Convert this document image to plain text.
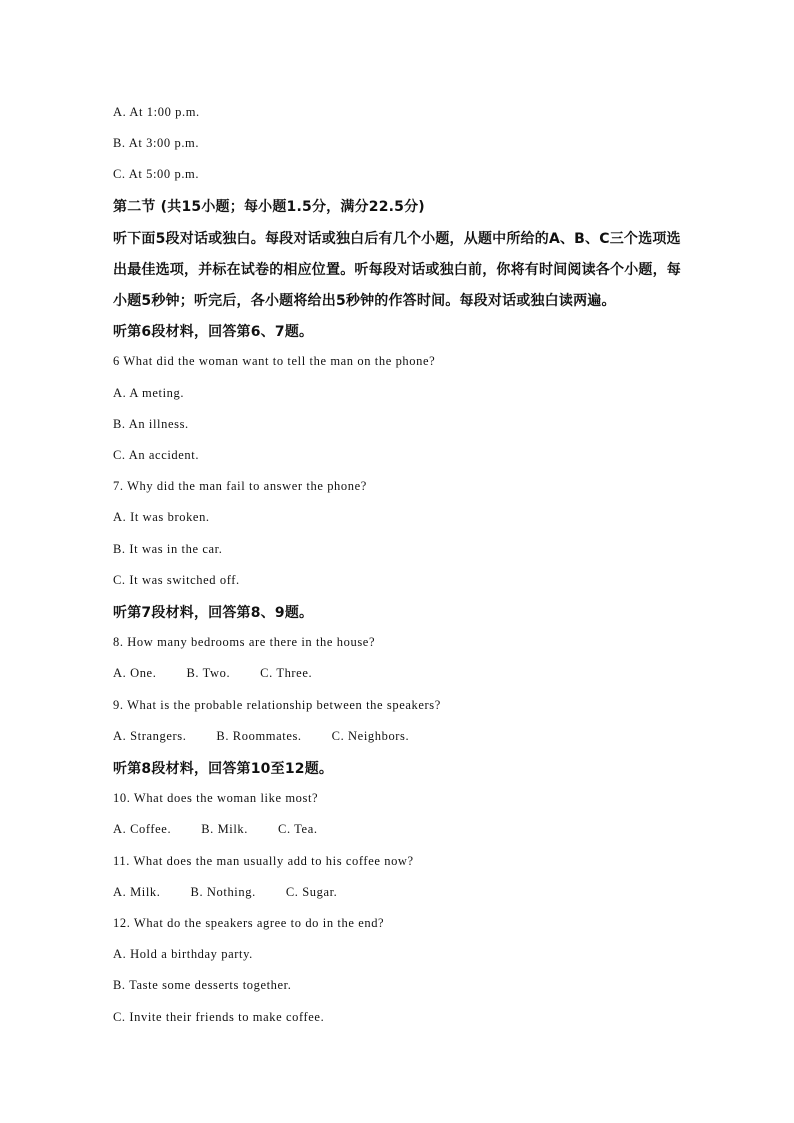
A. At 1:00 p.m.
B. At 3:00 p.m.
C. At 5:00 p.m.
第二节 (共15小题；每小题1.5分，满分22.5分)
听下面5段对话或独白。每段对话或独白后有几个小题，从题中所给的A、B、C三个选项选
出最佳选项，并标在试卷的相应位置。听每段对话或独白前，你将有时间阅读各个小题，每
小题5秒钟；听完后，各小题将给出5秒钟的作答时间。每段对话或独白读两遍。
听第6段材料，回答第6、7题。
6 What did the woman want to tell the man on the phone?
A. A meting.
B. An illness.
C. An accident.
7. Why did the man fail to answer the phone?
A. It was broken.
B. It was in the car.
C. It was switched off.
听第7段材料，回答第8、9题。
8. How many bedrooms are there in the house?
A. One. B. Two. C. Three.
9. What is the probable relationship between the speakers?
A. Strangers. B. Roommates. C. Neighbors.
听第8段材料，回答第10至12题。
10. What does the woman like most?
A. Coffee. B. Milk. C. Tea.
11. What does the man usually add to his coffee now?
A. Milk. B. Nothing. C. Sugar.
12. What do the speakers agree to do in the end?
A. Hold a birthday party.
B. Taste some desserts together.
C. Invite their friends to make coffee.
